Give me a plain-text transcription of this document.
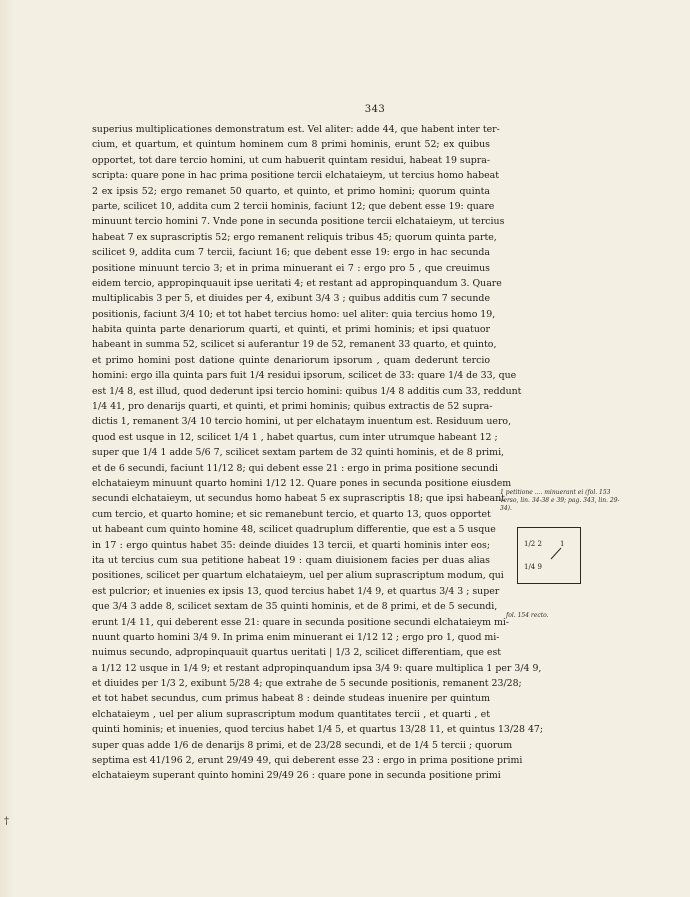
343
superius multiplicationes demonstratum est. Vel aliter: adde 44, que habent inter ter-
cium, et quartum, et quintum hominem cum 8 primi hominis, erunt 52; ex quibus
opportet, tot dare tercio homini, ut cum habuerit quintam residui, habeat 19 supra-
scripta: quare pone in hac prima positione tercii elchataieym, ut tercius homo habeat
2 ex ipsis 52; ergo remanet 50 quarto, et quinto, et primo homini; quorum quinta
parte, scilicet 10, addita cum 2 tercii hominis, faciunt 12; que debent esse 19: quare
minuunt tercio homini 7. Vnde pone in secunda positione tercii elchataieym, ut tercius
habeat 7 ex suprascriptis 52; ergo remanent reliquis tribus 45; quorum quinta parte,
scilicet 9, addita cum 7 tercii, faciunt 16; que debent esse 19: ergo in hac secunda
positione minuunt tercio 3; et in prima minuerant ei 7 : ergo pro 5 , que creuimus
eidem tercio, appropinquauit ipse ueritati 4; et restant ad appropinquandum 3. Quare
multiplicabis 3 per 5, et diuides per 4, exibunt 3/4 3 ; quibus additis cum 7 secunde
positionis, faciunt 3/4 10; et tot habet tercius homo: uel aliter: quia tercius homo 19,
habita quinta parte denariorum quarti, et quinti, et primi hominis; et ipsi quatuor
habeant in summa 52, scilicet si auferantur 19 de 52, remanent 33 quarto, et quinto,
et primo homini post datione quinte denariorum ipsorum , quam dederunt tercio
homini: ergo illa quinta pars fuit 1/4 residui ipsorum, scilicet de 33: quare 1/4 de 33, que
est 1/4 8, est illud, quod dederunt ipsi tercio homini: quibus 1/4 8 additis cum 33, reddunt
1/4 41, pro denarijs quarti, et quinti, et primi hominis; quibus extractis de 52 supra-
dictis 1, remanent 3/4 10 tercio homini, ut per elchataym inuentum est. Residuum uero,
quod est usque in 12, scilicet 1/4 1 , habet quartus, cum inter utrumque habeant 12 ;
super que 1/4 1 adde 5/6 7, scilicet sextam partem de 32 quinti hominis, et de 8 primi,
et de 6 secundi, faciunt 11/12 8; qui debent esse 21 : ergo in prima positione secundi
elchataieym minuunt quarto homini 1/12 12. Quare pones in secunda positione eiusdem
secundi elchataieym, ut secundus homo habeat 5 ex suprascriptis 18; que ipsi habeant
cum tercio, et quarto homine; et sic remanebunt tercio, et quarto 13, quos opportet
ut habeant cum quinto homine 48, scilicet quadruplum differentie, que est a 5 usque
in 17 : ergo quintus habet 35: deinde diuides 13 tercii, et quarti hominis inter eos;
ita ut tercius cum sua petitione habeat 19 : quam diuisionem facies per duas alias
positiones, scilicet per quartum elchataieym, uel per alium suprascriptum modum, qui
est pulcrior; et inuenies ex ipsis 13, quod tercius habet 1/4 9, et quartus 3/4 3 ; super
que 3/4 3 adde 8, scilicet sextam de 35 quinti hominis, et de 8 primi, et de 5 secundi,
erunt 1/4 11, qui deberent esse 21: quare in secunda positione secundi elchataieym mi-
nuunt quarto homini 3/4 9. In prima enim minuerant ei 1/12 12 ; ergo pro 1, quod mi-
nuimus secundo, adpropinquauit quartus ueritati | 1/3 2, scilicet differentiam, que est
a 1/12 12 usque in 1/4 9; et restant adpropinquandum ipsa 3/4 9: quare multiplica 1 per 3/4 9,
et diuides per 1/3 2, exibunt 5/28 4; que extrahe de 5 secunde positionis, remanent 23/28;
et tot habet secundus, cum primus habeat 8 : deinde studeas inuenire per quintum
elchataieym , uel per alium suprascriptum modum quantitates tercii , et quarti , et
quinti hominis; et inuenies, quod tercius habet 1/4 5, et quartus 13/28 11, et quintus 13/28 47;
super quas adde 1/6 de denarijs 8 primi, et de 23/28 secundi, et de 1/4 5 tercii ; quorum
septima est 41/196 2, erunt 29/49 49, qui deberent esse 23 : ergo in prima positione primi
elchataieym superant quinto homini 29/49 26 : quare pone in secunda positione primi
1 petitione .... minuerant ei (fol. 153 verso, lin. 34-38 e 39; pag. 343, lin. 29-34).
1/2 2	1
1/4 9
fol. 154 recto.
†
